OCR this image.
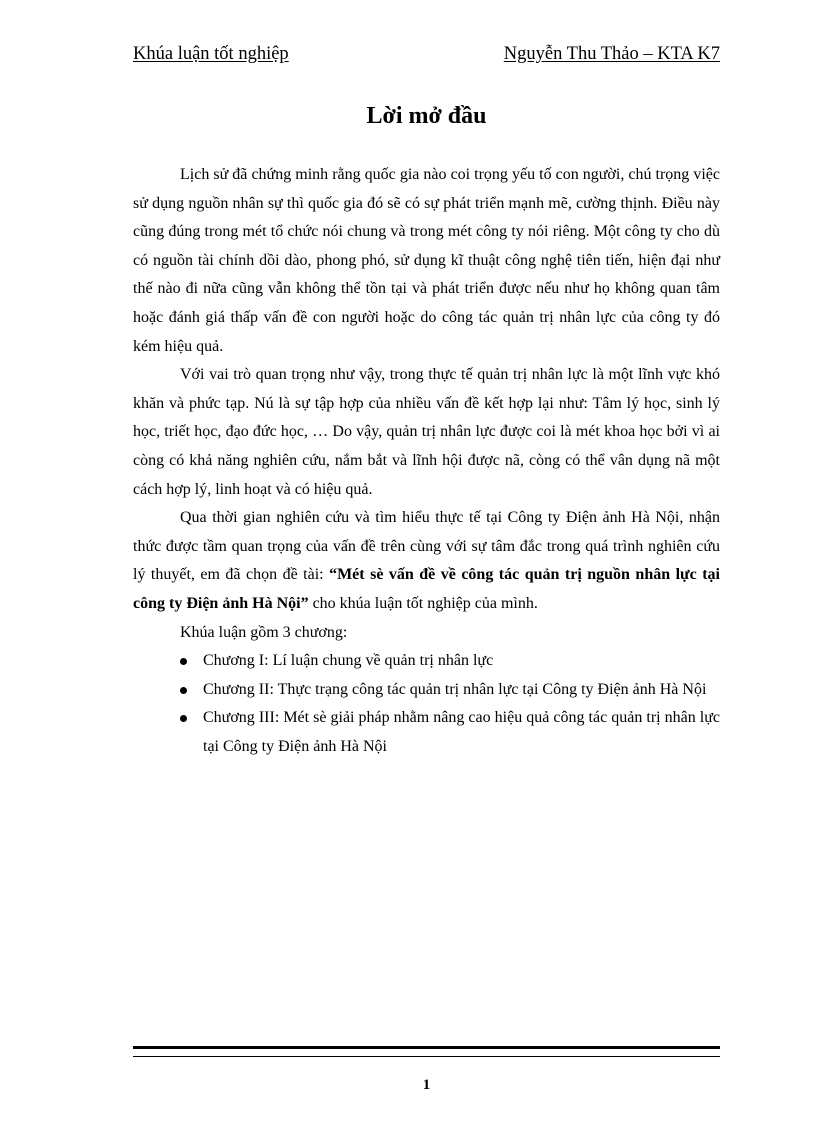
Khúa luận tốt nghiệp	Nguyễn Thu Thảo – KTA K7
Lời mở đầu

Lịch sử đã chứng minh rằng quốc gia nào coi trọng yếu tố con người, chú trọng việc sử dụng nguồn nhân sự thì quốc gia đó sẽ có sự phát triển mạnh mẽ, cường thịnh. Điều này cũng đúng trong mét tổ chức nói chung và trong mét công ty nói riêng. Một công ty cho dù có nguồn tài chính dồi dào, phong phó, sử dụng kĩ thuật công nghệ tiên tiến, hiện đại như thế nào đi nữa cũng vẫn không thể tồn tại và phát triển được nếu như họ không quan tâm hoặc đánh giá thấp vấn đề con người hoặc do công tác quản trị nhân lực của công ty đó kém hiệu quả.

Với vai trò quan trọng như vậy, trong thực tế quản trị nhân lực là một lĩnh vực khó khăn và phức tạp. Nú là sự tập hợp của nhiều vấn đề kết hợp lại như: Tâm lý học, sinh lý học, triết học, đạo đức học, … Do vậy, quản trị nhân lực được coi là mét khoa học bởi vì ai còng có khả năng nghiên cứu, nắm bắt và lĩnh hội được nã, còng có thể vân dụng nã một cách hợp lý, linh hoạt và có hiệu quả.

Qua thời gian nghiên cứu và tìm hiểu thực tế tại Công ty Điện ảnh Hà Nội, nhận thức được tầm quan trọng của vấn đề trên cùng với sự tâm đắc trong quá trình nghiên cứu lý thuyết, em đã chọn đề tài: “Mét sè vấn đề về công tác quản trị nguồn nhân lực tại công ty Điện ảnh Hà Nội” cho khúa luận tốt nghiệp của mình.

Khúa luận gồm 3 chương:

Chương I: Lí luận chung về quản trị nhân lực
Chương II: Thực trạng công tác quản trị nhân lực tại Công ty Điện ảnh Hà Nội
Chương III: Mét sè giải pháp nhằm nâng cao hiệu quả công tác quản trị nhân lực tại Công ty Điện ảnh Hà Nội
1
